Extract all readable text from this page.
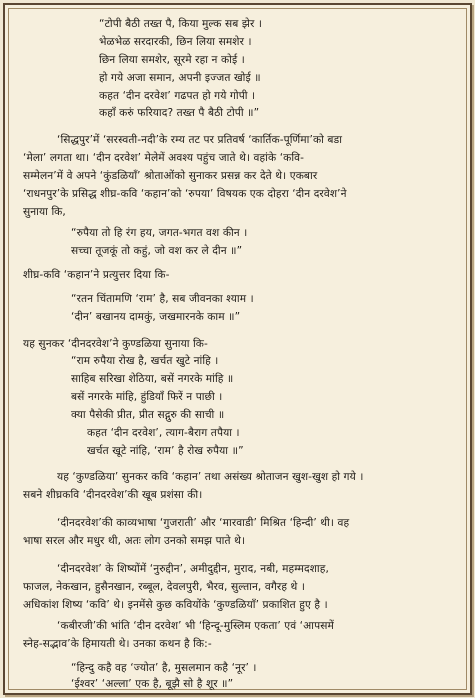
“टोपी बैठी तख्त पै, किया मुल्क सब झेर ।
भेळभेळ सरदारकी, छिन लिया समशेर ।
छिन लिया समशेर, सूरमे रहा न कोई ।
हो गये अजा समान, अपनी इज्जत खोई ॥
कहत ‘दीन दरवेश’ गढपत हो गये गोपी ।
कहाँ करुं फरियाद? तख्त पै बैठी टोपी ॥”
‘सिद्धपुर’में ‘सरस्वती-नदी’के रम्य तट पर प्रतिवर्ष ‘कार्तिक-पूर्णिमा’को बडा
‘मेला’ लगता था। ‘दीन दरवेश’ मेलेमें अवश्य पहुंच जाते थे। वहांके ‘कवि-
सम्मेलन’में वे अपने ‘कुंडळियाँ’ श्रोताओंको सुनाकर प्रसन्न कर देते थे। एकबार
‘राधनपुर’के प्रसिद्ध शीघ्र-कवि ‘कहान’को ‘रुपया’ विषयक एक दोहरा ‘दीन दरवेश’ने
सुनाया कि,
“रुपैया तो हि रंग हय, जगत-भगत वश कीन ।
सच्चा तूजकूं तो कहुं, जो वश कर ले दीन ॥”
शीघ्र-कवि ‘कहान’ने प्रत्युत्तर दिया कि-
“रतन चिंतामणि ‘राम’ है, सब जीवनका श्याम ।
‘दीन’ बखानय दामकुं, जखमारनके काम ॥”
यह सुनकर ‘दीनदरवेश’ने कुण्डळिया सुनाया कि-
“राम रुपैया रोख है, खर्चत खुटे नांहि ।
साहिब सरिखा शेठिया, बसें नगरके मांहि ॥
बसें नगरके मांहि, हुंडियाँ फिरें न पाछी ।
क्या पैसेकी प्रीत, प्रीत सद्गुरु की साची ॥
कहत ‘दीन दरवेश’, त्याग-बैराग तपैया ।
खर्चत खूटे नांहि, ‘राम’ है रोख रुपैया ॥”
यह ‘कुण्डळिया’ सुनकर कवि ‘कहान’ तथा असंख्य श्रोताजन खुश-खुश हो गये ।
सबने शीघ्रकवि ‘दीनदरवेश’की खूब प्रशंसा की।
‘दीनदरवेश’की काव्यभाषा ‘गुजराती’ और ‘मारवाडी’ मिश्रित ‘हिन्दी’ थी। वह
भाषा सरल और मधुर थी, अतः लोग उनको समझ पाते थे।
‘दीनदरवेश’ के शिष्योंमें ‘नुरुद्दीन’, अमीदुद्दीन, मुराद, नबी, महम्मदशाह,
फाजल, नेकखान, हुसैनखान, रब्बूल, देवलपुरी, भैरव, सुल्तान, वगैरह थे ।
अधिकांश शिष्य ‘कवि’ थे। इनमेंसे कुछ कवियोंके ‘कुण्डळियाँ’ प्रकाशित हुए है ।
‘कबीरजी’की भांति ‘दीन दरवेश’ भी ‘हिन्दू-मुस्लिम एकता’ एवं ‘आपसमें
स्नेह-सद्भाव’के हिमायती थे। उनका कथन है कि:-
“हिन्दु कहै वह ‘ज्योत’ है, मुसलमान कहै ‘नूर’ ।
‘ईश्वर’ ‘अल्ला’ एक है, बूझै सो है शूर ॥”
